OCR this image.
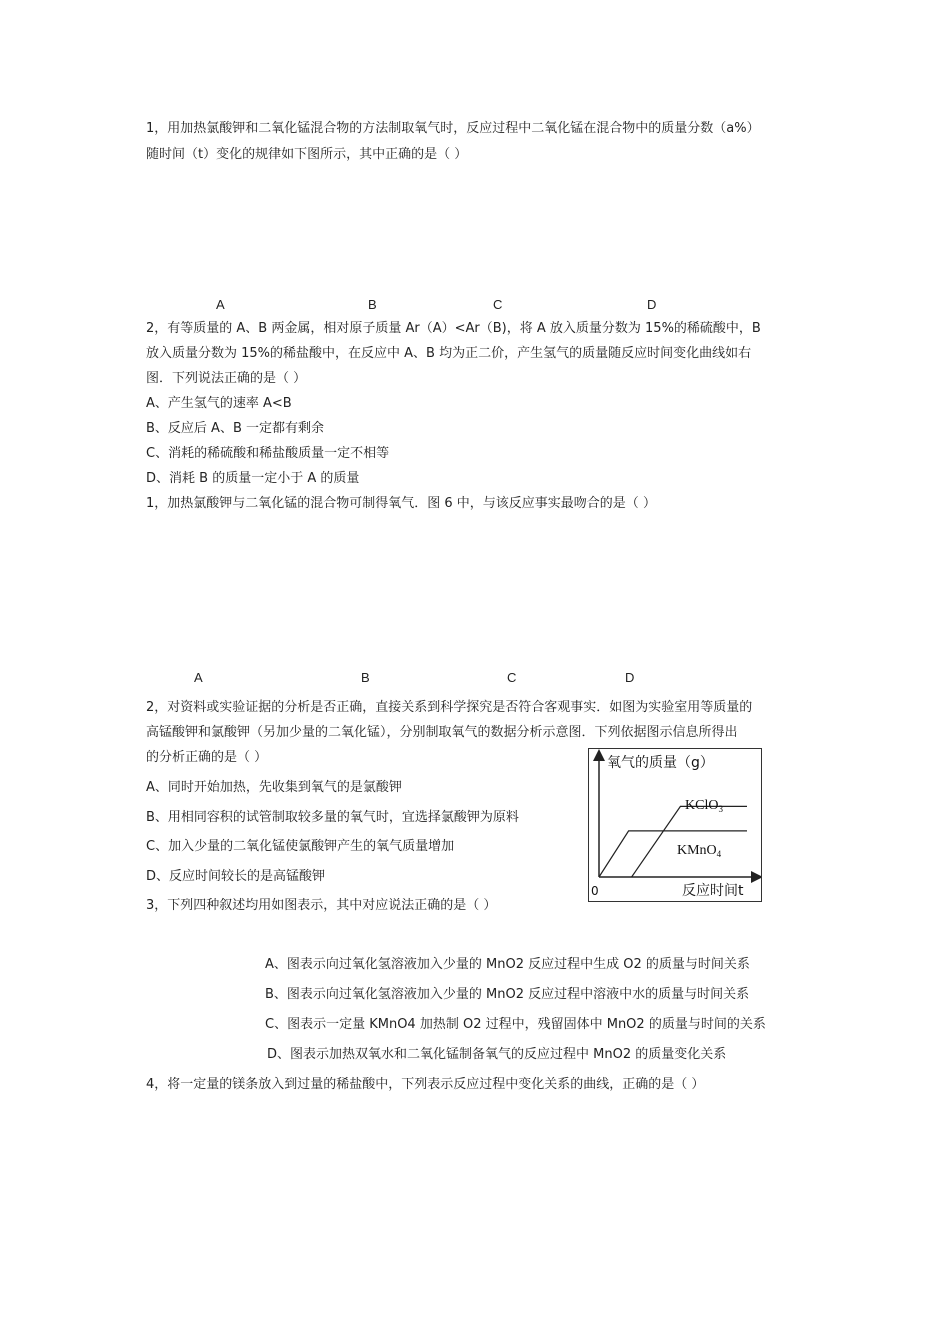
1，用加热氯酸钾和二氧化锰混合物的方法制取氧气时，反应过程中二氧化锰在混合物中的质量分数（a%）
随时间（t）变化的规律如下图所示，其中正确的是（ ）
A	B	C	D
2，有等质量的 A、B 两金属，相对原子质量 Ar（A）<Ar（B)，将 A 放入质量分数为 15%的稀硫酸中，B
放入质量分数为 15%的稀盐酸中，在反应中 A、B 均为正二价，产生氢气的质量随反应时间变化曲线如右
图．下列说法正确的是（ ）
A、产生氢气的速率 A<B
B、反应后 A、B 一定都有剩余
C、消耗的稀硫酸和稀盐酸质量一定不相等
D、消耗 B 的质量一定小于 A 的质量
1，加热氯酸钾与二氧化锰的混合物可制得氧气．图 6 中，与该反应事实最吻合的是（ ）
A	B	C	D
2，对资料或实验证据的分析是否正确，直接关系到科学探究是否符合客观事实．如图为实验室用等质量的
高锰酸钾和氯酸钾（另加少量的二氧化锰），分别制取氧气的数据分析示意图．下列依据图示信息所得出
的分析正确的是（ ）
A、同时开始加热，先收集到氧气的是氯酸钾
B、用相同容积的试管制取较多量的氧气时，宜选择氯酸钾为原料
C、加入少量的二氧化锰使氯酸钾产生的氧气质量增加
D、反应时间较长的是高锰酸钾
氧气的质量（g）
0	反应时间t
KClO$_3$
KMnO$_4$
3，下列四种叙述均用如图表示，其中对应说法正确的是（ ）
A、图表示向过氧化氢溶液加入少量的 MnO2 反应过程中生成 O2 的质量与时间关系
B、图表示向过氧化氢溶液加入少量的 MnO2 反应过程中溶液中水的质量与时间关系
C、图表示一定量 KMnO4 加热制 O2 过程中，残留固体中 MnO2 的质量与时间的关系
D、图表示加热双氧水和二氧化锰制备氧气的反应过程中 MnO2 的质量变化关系
4，将一定量的镁条放入到过量的稀盐酸中，下列表示反应过程中变化关系的曲线，正确的是（ ）
